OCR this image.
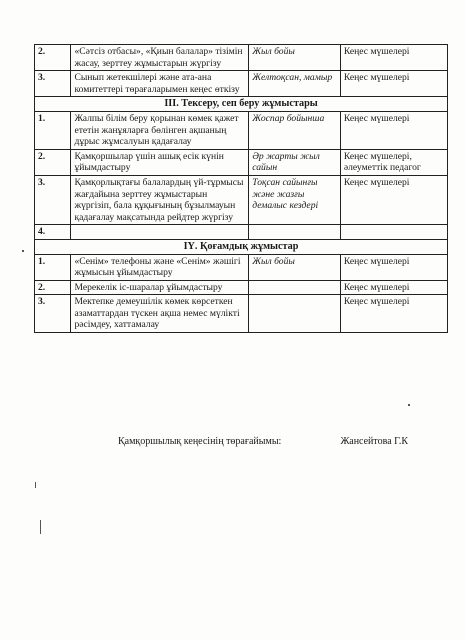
2.	«Сәтсіз отбасы», «Қиын балалар» тізімін жасау, зерттеу жұмыстарын жүргізу	Жыл бойы	Кеңес мүшелері
3.	Сынып жетекшілері және ата-ана комитеттері төрағаларымен кеңес өткізу	Желтоқсан, мамыр	Кеңес мүшелері
ІІІ. Тексеру, сеп беру жұмыстары			
1.	Жалпы білім беру қорынан көмек қажет ететін жанұяларға бөлінген ақшаның дұрыс жұмсалуын қадағалау	Жоспар бойынша	Кеңес мүшелері
2.	Қамқоршылар үшін ашық есік күнін ұйымдастыру	Әр жарты жыл сайын	Кеңес мүшелері, әлеуметтік педагог
3.	Қамқорлықтағы балалардың үй-тұрмысы жағдайына зерттеу жұмыстарын жүргізіп, бала құқығының бұзылмауын қадағалау мақсатында рейдтер жүргізу	Тоқсан сайынғы және жазғы демалыс кездері	Кеңес мүшелері
4.			
ІҮ. Қоғамдық жұмыстар			
1.	«Сенім» телефоны және «Сенім» жәшігі жұмысын ұйымдастыру	Жыл бойы	Кеңес мүшелері
2.	Мерекелік іс-шаралар ұйымдастыру		Кеңес мүшелері
3.	Мектепке демеушілік көмек көрсеткен азаматтардан түскен ақша немес мүлікті рәсімдеу, хаттамалау		Кеңес мүшелері
Қамқоршылық кеңесінің төрағайымы:	Жансейтова Г.К
